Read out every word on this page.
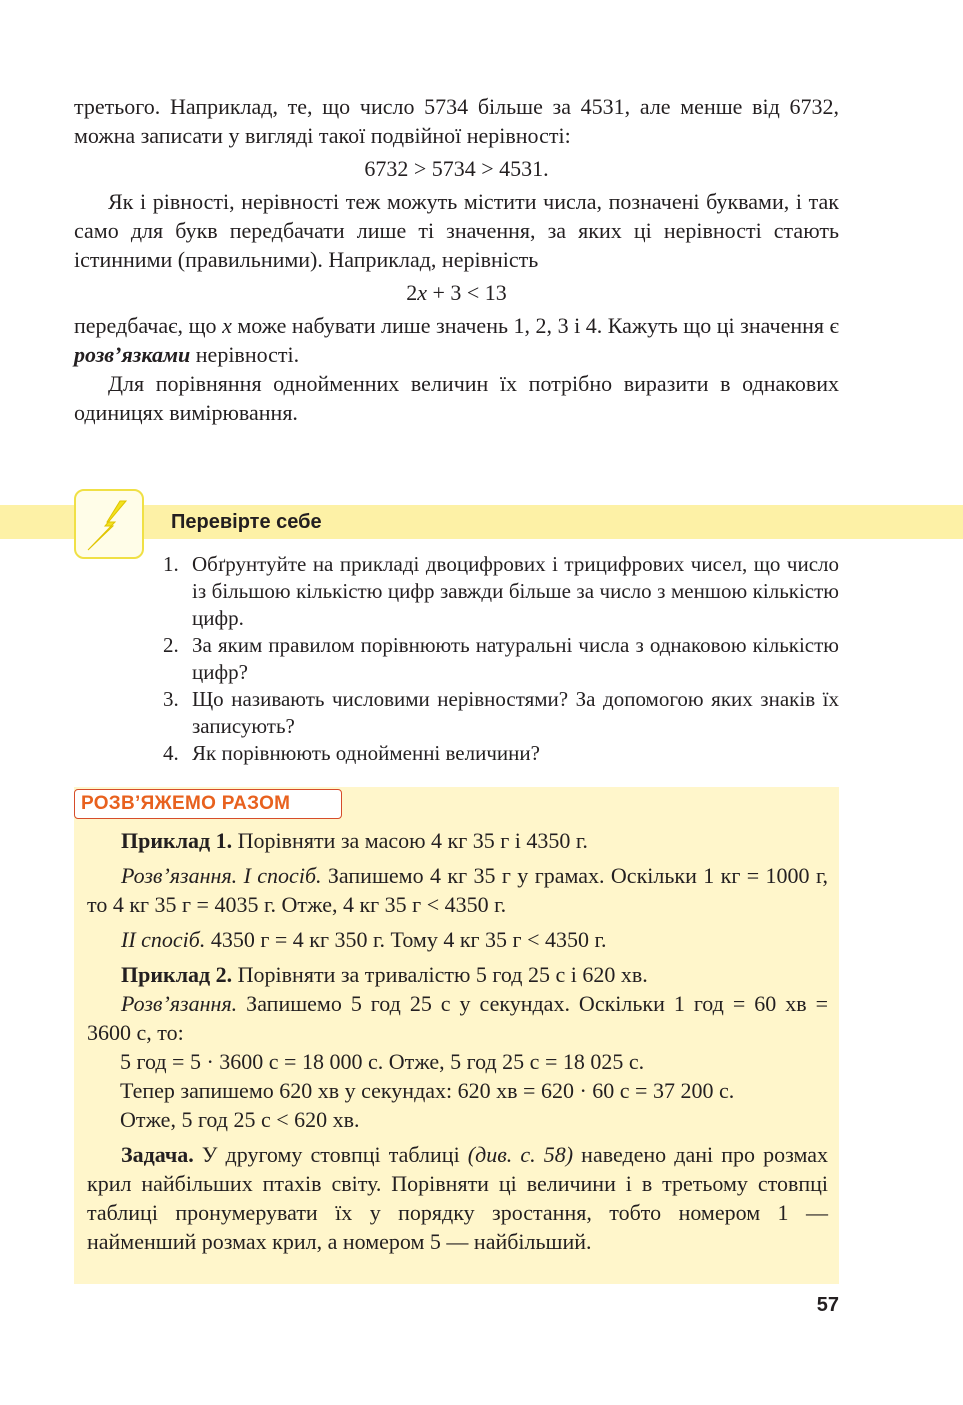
третього. Наприклад, те, що число 5734 більше за 4531, але менше від 6732, можна записати у вигляді такої подвійної нерівності:

6732 > 5734 > 4531.

Як і рівності, нерівності теж можуть містити числа, позначені буквами, і так само для букв передбачати лише ті значення, за яких ці нерівності стають істинними (правильними). Наприклад, нерівність

2x + 3 < 13

передбачає, що x може набувати лише значень 1, 2, 3 і 4. Кажуть що ці значення є розв’язками нерівності.

Для порівняння однойменних величин їх потрібно виразити в однакових одиницях вимірювання.

Перевірте себе
1. Обґрунтуйте на прикладі двоцифрових і трицифрових чисел, що число із більшою кількістю цифр завжди більше за число з меншою кількістю цифр.
2. За яким правилом порівнюють натуральні числа з однаковою кількістю цифр?
3. Що називають числовими нерівностями? За допомогою яких знаків їх записують?
4. Як порівнюють однойменні величини?
РОЗВ’ЯЖЕМО РАЗОМ

Приклад 1. Порівняти за масою 4 кг 35 г і 4350 г.

Розв’язання. І спосіб. Запишемо 4 кг 35 г у грамах. Оскільки 1 кг = 1000 г, то 4 кг 35 г = 4035 г. Отже, 4 кг 35 г < 4350 г.

II спосіб. 4350 г = 4 кг 350 г. Тому 4 кг 35 г < 4350 г.

Приклад 2. Порівняти за тривалістю 5 год 25 с і 620 хв.

Розв’язання. Запишемо 5 год 25 с у секундах. Оскільки 1 год = 60 хв = 3600 с, то:

5 год = 5 · 3600 с = 18 000 с. Отже, 5 год 25 с = 18 025 с.

Тепер запишемо 620 хв у секундах: 620 хв = 620 · 60 с = 37 200 с.

Отже, 5 год 25 с < 620 хв.

Задача. У другому стовпці таблиці (див. с. 58) наведено дані про розмах крил найбільших птахів світу. Порівняти ці величини і в третьому стовпці таблиці пронумерувати їх у порядку зростання, тобто номером 1 — найменший розмах крил, а номером 5 — найбільший.

57
